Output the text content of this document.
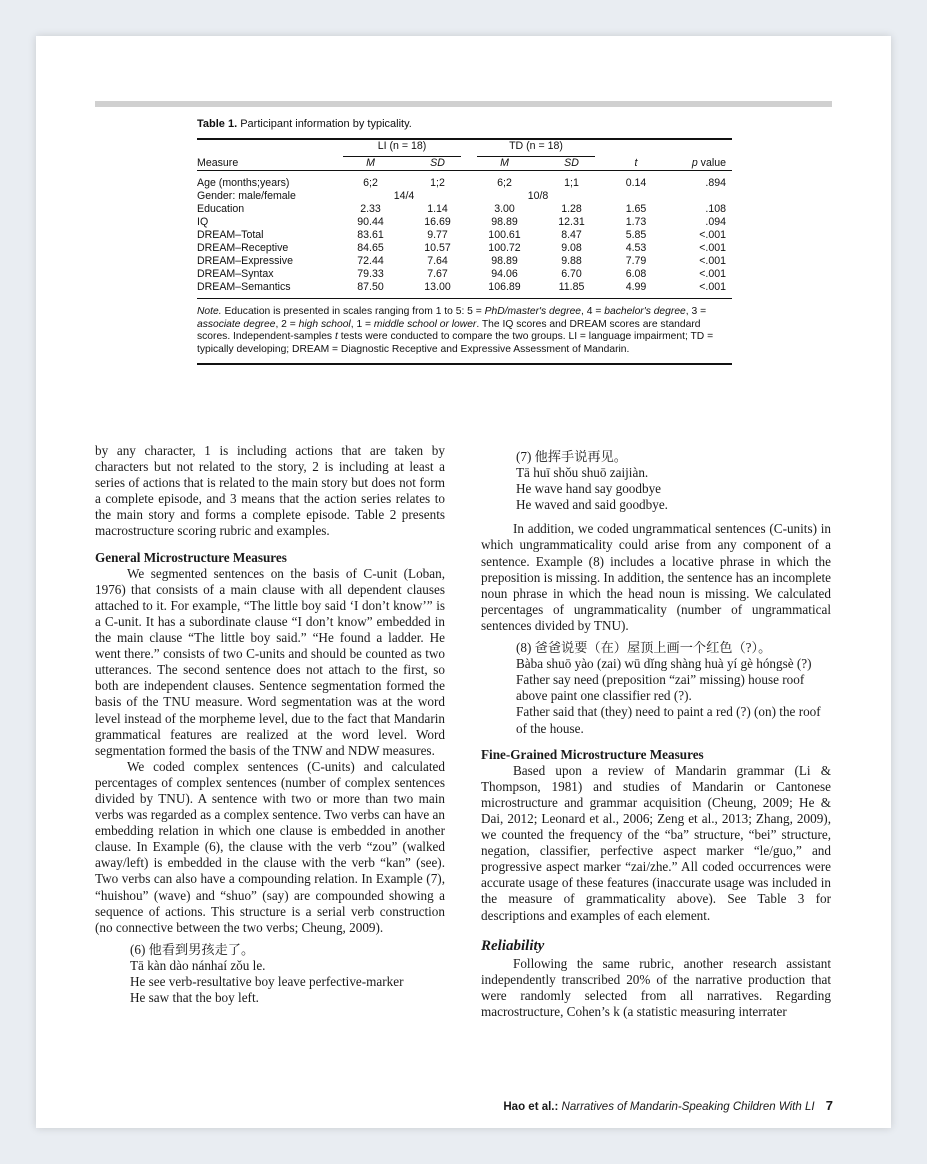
Table 1. Participant information by typicality.

	LI (n = 18)		TD (n = 18)			

Measure	M	SD	M	SD	t	p value

Age (months;years)	6;2	1;2	6;2	1;1	0.14	.894
Gender: male/female	14/4		10/8			
Education	2.33	1.14	3.00	1.28	1.65	.108
IQ	90.44	16.69	98.89	12.31	1.73	.094
DREAM–Total	83.61	9.77	100.61	8.47	5.85	<.001
DREAM–Receptive	84.65	10.57	100.72	9.08	4.53	<.001
DREAM–Expressive	72.44	7.64	98.89	9.88	7.79	<.001
DREAM–Syntax	79.33	7.67	94.06	6.70	6.08	<.001
DREAM–Semantics	87.50	13.00	106.89	11.85	4.99	<.001

Note. Education is presented in scales ranging from 1 to 5: 5 = PhD/master's degree, 4 = bachelor's degree, 3 = associate degree, 2 = high school, 1 = middle school or lower. The IQ scores and DREAM scores are standard scores. Independent-samples t tests were conducted to compare the two groups. LI = language impairment; TD = typically developing; DREAM = Diagnostic Receptive and Expressive Assessment of Mandarin.

by any character, 1 is including actions that are taken by characters but not related to the story, 2 is including at least a series of actions that is related to the main story but does not form a complete episode, and 3 means that the action series relates to the main story and forms a complete episode. Table 2 presents macrostructure scoring rubric and examples.

General Microstructure Measures

We segmented sentences on the basis of C-unit (Loban, 1976) that consists of a main clause with all dependent clauses attached to it. For example, “The little boy said ‘I don’t know’” is a C-unit. It has a subordinate clause “I don’t know” embedded in the main clause “The little boy said.” “He found a ladder. He went there.” consists of two C-units and should be counted as two utterances. The second sentence does not attach to the first, so both are independent clauses. Sentence segmentation formed the basis of the TNU measure. Word segmentation was at the word level instead of the morpheme level, due to the fact that Mandarin grammatical features are realized at the word level. Word segmentation formed the basis of the TNW and NDW measures.

We coded complex sentences (C-units) and calculated percentages of complex sentences (number of complex sentences divided by TNU). A sentence with two or more than two main verbs was regarded as a complex sentence. Two verbs can have an embedding relation in which one clause is embedded in another clause. In Example (6), the clause with the verb “zou” (walked away/left) is embedded in the clause with the verb “kan” (see). Two verbs can also have a compounding relation. In Example (7), “huishou” (wave) and “shuo” (say) are compounded showing a sequence of actions. This structure is a serial verb construction (no connective between the two verbs; Cheung, 2009).

(6) 他看到男孩走了。
Tā kàn dào nánhaí zǒu le.
He see verb-resultative boy leave perfective-marker
He saw that the boy left.
(7) 他挥手说再见。
Tā huī shǒu shuō zaijiàn.
He wave hand say goodbye
He waved and said goodbye.

In addition, we coded ungrammatical sentences (C-units) in which ungrammaticality could arise from any component of a sentence. Example (8) includes a locative phrase in which the preposition is missing. In addition, the sentence has an incomplete noun phrase in which the head noun is missing. We calculated percentages of ungrammaticality (number of ungrammatical sentences divided by TNU).

(8) 爸爸说要（在）屋顶上画一个红色（?）。
Bàba shuō yào (zai) wū dǐng shàng huà yí gè hóngsè (?)
Father say need (preposition “zai” missing) house roof above paint one classifier red (?).
Father said that (they) need to paint a red (?) (on) the roof of the house.

Fine-Grained Microstructure Measures

Based upon a review of Mandarin grammar (Li & Thompson, 1981) and studies of Mandarin or Cantonese microstructure and grammar acquisition (Cheung, 2009; He & Dai, 2012; Leonard et al., 2006; Zeng et al., 2013; Zhang, 2009), we counted the frequency of the “ba” structure, “bei” structure, negation, classifier, perfective aspect marker “le/guo,” and progressive aspect marker “zai/zhe.” All coded occurrences were accurate usage of these features (inaccurate usage was included in the measure of grammaticality above). See Table 3 for descriptions and examples of each element.

Reliability

Following the same rubric, another research assistant independently transcribed 20% of the narrative production that were randomly selected from all narratives. Regarding macrostructure, Cohen’s k (a statistic measuring interrater

Hao et al.: Narratives of Mandarin-Speaking Children With LI 7
